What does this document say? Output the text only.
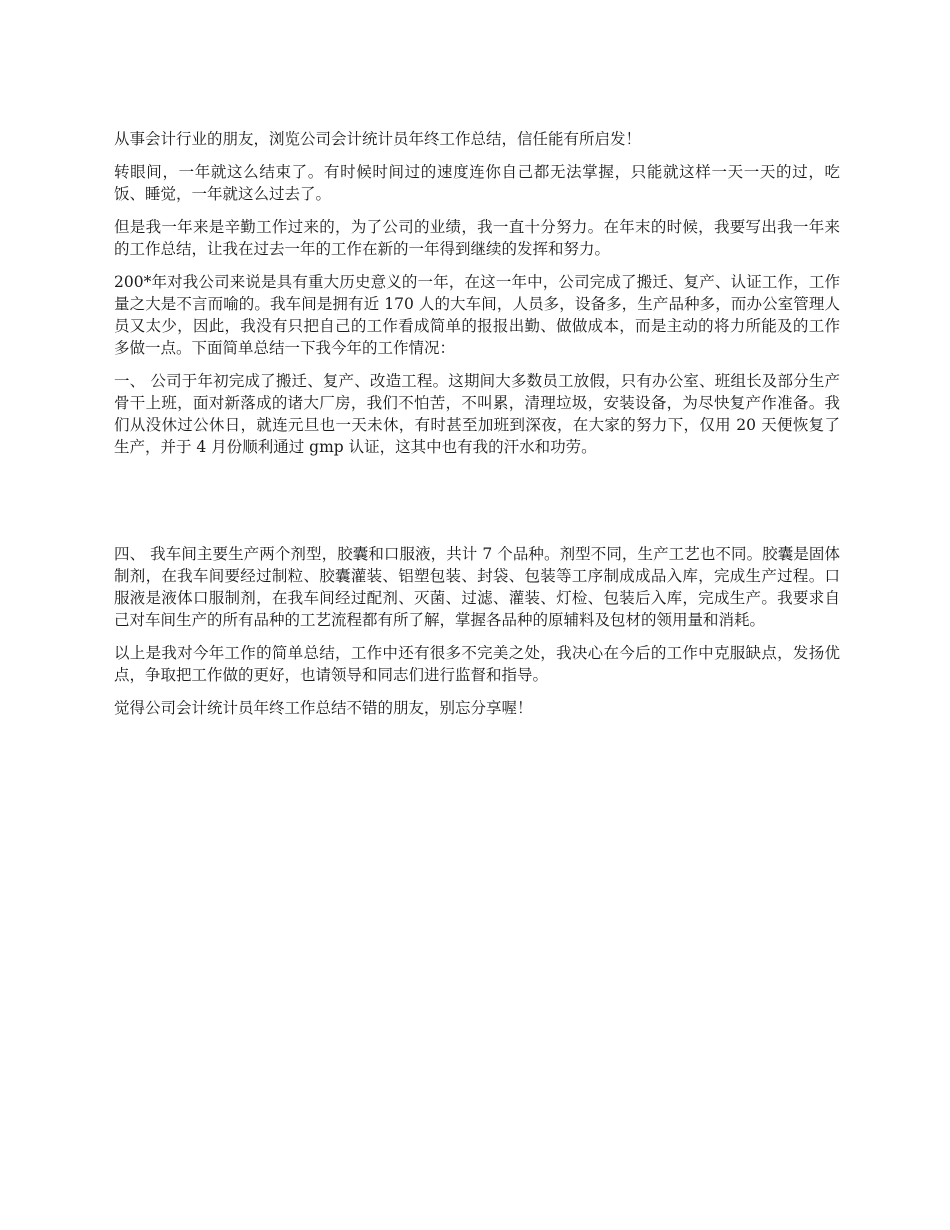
从事会计行业的朋友，浏览公司会计统计员年终工作总结，信任能有所启发！

转眼间，一年就这么结束了。有时候时间过的速度连你自己都无法掌握，只能就这样一天一天的过，吃饭、睡觉，一年就这么过去了。

但是我一年来是辛勤工作过来的，为了公司的业绩，我一直十分努力。在年末的时候，我要写出我一年来的工作总结，让我在过去一年的工作在新的一年得到继续的发挥和努力。

200*年对我公司来说是具有重大历史意义的一年，在这一年中，公司完成了搬迁、复产、认证工作，工作量之大是不言而喻的。我车间是拥有近 170 人的大车间，人员多，设备多，生产品种多，而办公室管理人员又太少，因此，我没有只把自己的工作看成简单的报报出勤、做做成本，而是主动的将力所能及的工作多做一点。下面简单总结一下我今年的工作情况：

一、 公司于年初完成了搬迁、复产、改造工程。这期间大多数员工放假，只有办公室、班组长及部分生产骨干上班，面对新落成的诸大厂房，我们不怕苦，不叫累，清理垃圾，安装设备，为尽快复产作准备。我们从没休过公休日，就连元旦也一天未休，有时甚至加班到深夜，在大家的努力下，仅用 20 天便恢复了生产，并于 4 月份顺利通过 gmp 认证，这其中也有我的汗水和功劳。

四、 我车间主要生产两个剂型，胶囊和口服液，共计 7 个品种。剂型不同，生产工艺也不同。胶囊是固体制剂，在我车间要经过制粒、胶囊灌装、铝塑包装、封袋、包装等工序制成成品入库，完成生产过程。口服液是液体口服制剂，在我车间经过配剂、灭菌、过滤、灌装、灯检、包装后入库，完成生产。我要求自己对车间生产的所有品种的工艺流程都有所了解，掌握各品种的原辅料及包材的领用量和消耗。

以上是我对今年工作的简单总结，工作中还有很多不完美之处，我决心在今后的工作中克服缺点，发扬优点，争取把工作做的更好，也请领导和同志们进行监督和指导。

觉得公司会计统计员年终工作总结不错的朋友，别忘分享喔！
